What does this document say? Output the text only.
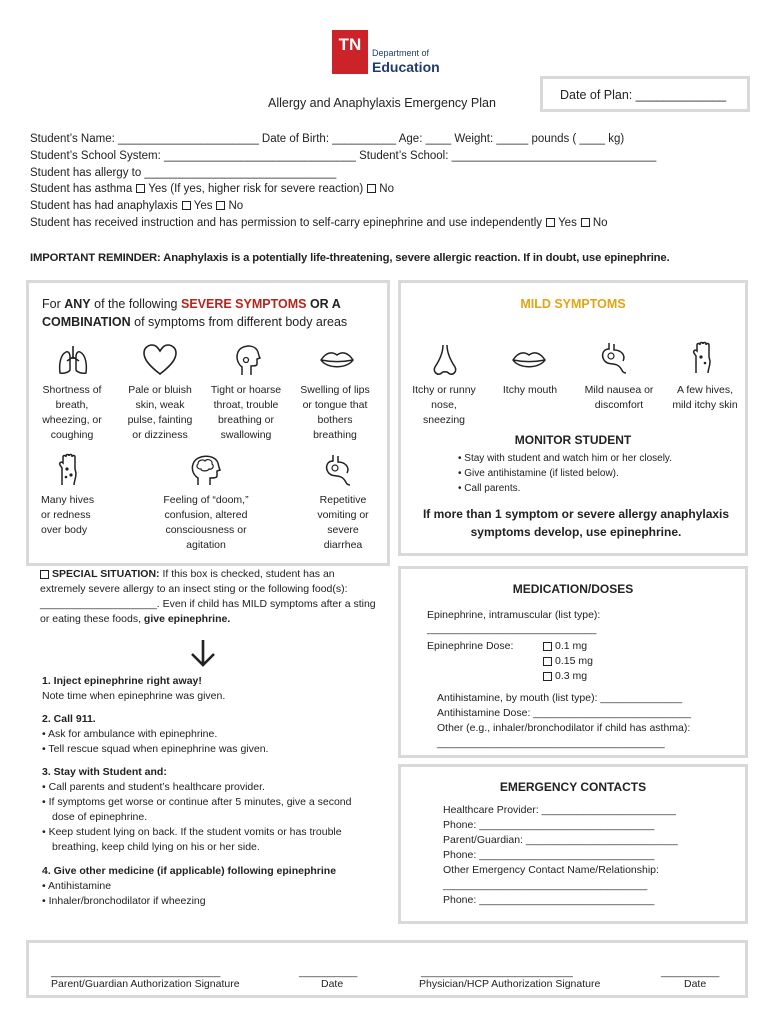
TN	Department of
Education
Date of Plan: _____________
Allergy and Anaphylaxis Emergency Plan
Student’s Name: ______________________ Date of Birth: __________ Age: ____ Weight: _____ pounds ( ____ kg)
Student’s School System: ______________________________ Student’s School: ________________________________
Student has allergy to ______________________________
Student has asthma Yes (If yes, higher risk for severe reaction) No
Student has had anaphylaxis Yes No
Student has received instruction and has permission to self-carry epinephrine and use independently Yes No
IMPORTANT REMINDER: Anaphylaxis is a potentially life-threatening, severe allergic reaction. If in doubt, use epinephrine.
For ANY of the following SEVERE SYMPTOMS OR A
COMBINATION of symptoms from different body areas
Shortness of breath, wheezing, or coughing
Pale or bluish skin, weak pulse, fainting or dizziness
Tight or hoarse throat, trouble breathing or swallowing
Swelling of lips or tongue that bothers breathing
Many hives or redness over body
Feeling of “doom,” confusion, altered consciousness or agitation
Repetitive vomiting or severe diarrhea
SPECIAL SITUATION: If this box is checked, student has an extremely severe allergy to an insect sting or the following food(s): ____________________. Even if child has MILD symptoms after a sting or eating these foods, give epinephrine.
1. Inject epinephrine right away!
Note time when epinephrine was given.
2. Call 911.
• Ask for ambulance with epinephrine.
• Tell rescue squad when epinephrine was given.
3. Stay with Student and:
• Call parents and student’s healthcare provider.
• If symptoms get worse or continue after 5 minutes, give a second dose of epinephrine.
• Keep student lying on back. If the student vomits or has trouble breathing, keep child lying on his or her side.
4. Give other medicine (if applicable) following epinephrine
• Antihistamine
• Inhaler/bronchodilator if wheezing
MILD SYMPTOMS
Itchy or runny nose, sneezing
Itchy mouth	Mild nausea or discomfort
A few hives, mild itchy skin
MONITOR STUDENT
• Stay with student and watch him or her closely.
• Give antihistamine (if listed below).
• Call parents.
If more than 1 symptom or severe allergy anaphylaxis symptoms develop, use epinephrine.
MEDICATION/DOSES
Epinephrine, intramuscular (list type):
_____________________________
Epinephrine Dose:	0.1 mg
0.15 mg
0.3 mg
Antihistamine, by mouth (list type): ______________
Antihistamine Dose: ___________________________
Other (e.g., inhaler/bronchodilator if child has asthma):
_______________________________________
EMERGENCY CONTACTS
Healthcare Provider: _______________________
Phone: ______________________________
Parent/Guardian: __________________________
Phone: ______________________________
Other Emergency Contact Name/Relationship:
___________________________________
Phone: ______________________________
_____________________________	__________	__________________________	__________
Parent/Guardian Authorization Signature	Date	Physician/HCP Authorization Signature	Date
